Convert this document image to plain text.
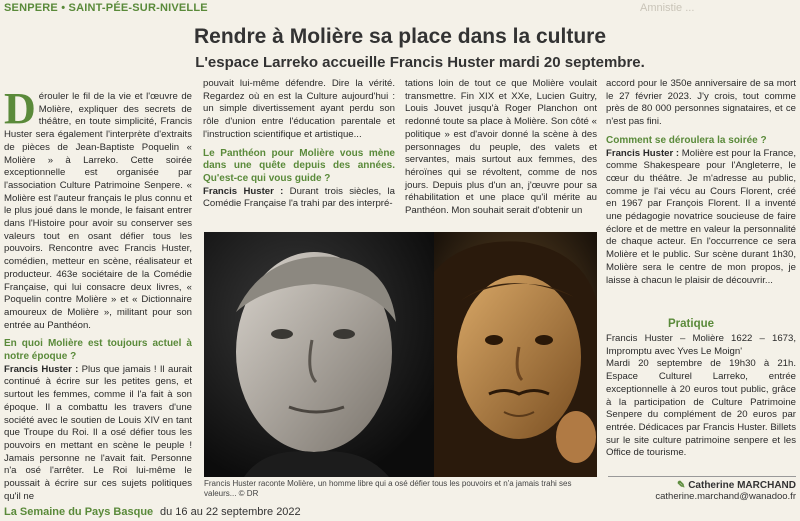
SENPERE • SAINT-PÉE-SUR-NIVELLE	Amnistie ...
Rendre à Molière sa place dans la culture
L'espace Larreko accueille Francis Huster mardi 20 septembre.

Dérouler le fil de la vie et l'œuvre de Molière, expliquer des secrets de théâtre, en toute simplicité, Francis Huster sera également l'interprète d'extraits de pièces de Jean-Baptiste Poquelin « Molière » à Larreko. Cette soirée exceptionnelle est organisée par l'association Culture Patrimoine Senpere. « Molière est l'auteur français le plus connu et le plus joué dans le monde, le faisant entrer dans l'Histoire pour avoir su conserver ses valeurs tout en osant défier tous les pouvoirs. Rencontre avec Francis Huster, comédien, metteur en scène, réalisateur et producteur. 463e sociétaire de la Comédie Française, qui lui consacre deux livres, « Poquelin contre Molière » et « Dictionnaire amoureux de Molière », militant pour son entrée au Panthéon.

En quoi Molière est toujours actuel à notre époque ?

Francis Huster : Plus que jamais ! Il aurait continué à écrire sur les petites gens, et surtout les femmes, comme il l'a fait à son époque. Il a combattu les travers d'une société avec le soutien de Louis XIV en tant que Troupe du Roi. Il a osé défier tous les pouvoirs en mettant en scène le peuple ! Jamais personne ne l'avait fait. Personne n'a osé l'arrêter. Le Roi lui-même le poussait à écrire sur ces sujets politiques qu'il ne

pouvait lui-même défendre. Dire la vérité. Regardez où en est la Culture aujourd'hui : un simple divertissement ayant perdu son rôle d'union entre l'éducation parentale et l'instruction scientifique et artistique...

Le Panthéon pour Molière vous mène dans une quête depuis des années. Qu'est-ce qui vous guide ?

Francis Huster : Durant trois siècles, la Comédie Française l'a trahi par des interpré-

tations loin de tout ce que Molière voulait transmettre. Fin XIX et XXe, Lucien Guitry, Louis Jouvet jusqu'à Roger Planchon ont redonné toute sa place à Molière. Son côté « politique » est d'avoir donné la scène à des personnages du peuple, des valets et servantes, mais surtout aux femmes, des héroïnes qui se révoltent, comme de nos jours. Depuis plus d'un an, j'œuvre pour sa réhabilitation et une place qu'il mérite au Panthéon. Mon souhait serait d'obtenir un

accord pour le 350e anniversaire de sa mort le 27 février 2023. J'y crois, tout comme près de 80 000 personnes signataires, et ce n'est pas fini.

Comment se déroulera la soirée ?

Francis Huster : Molière est pour la France, comme Shakespeare pour l'Angleterre, le cœur du théâtre. Je m'adresse au public, comme je l'ai vécu au Cours Florent, créé en 1967 par François Florent. Il a inventé une pédagogie novatrice soucieuse de faire éclore et de mettre en valeur la personnalité de chaque acteur. En l'occurrence ce sera Molière et le public. Sur scène durant 1h30, Molière sera le centre de mon propos, je laisse à chacun le plaisir de découvrir...

Francis Huster raconte Molière, un homme libre qui a osé défier tous les pouvoirs et n'a jamais trahi ses valeurs... © DR
Pratique

Francis Huster – Molière 1622 – 1673, Impromptu avec Yves Le Moign'

Mardi 20 septembre de 19h30 à 21h. Espace Culturel Larreko, entrée exceptionnelle à 20 euros tout public, grâce à la participation de Culture Patrimoine Senpere du complément de 20 euros par entrée. Dédicaces par Francis Huster. Billets sur le site culture patrimoine senpere et les Office de tourisme.

✎ Catherine MARCHAND
catherine.marchand@wanadoo.fr
La Semaine du Pays Basque du 16 au 22 septembre 2022
